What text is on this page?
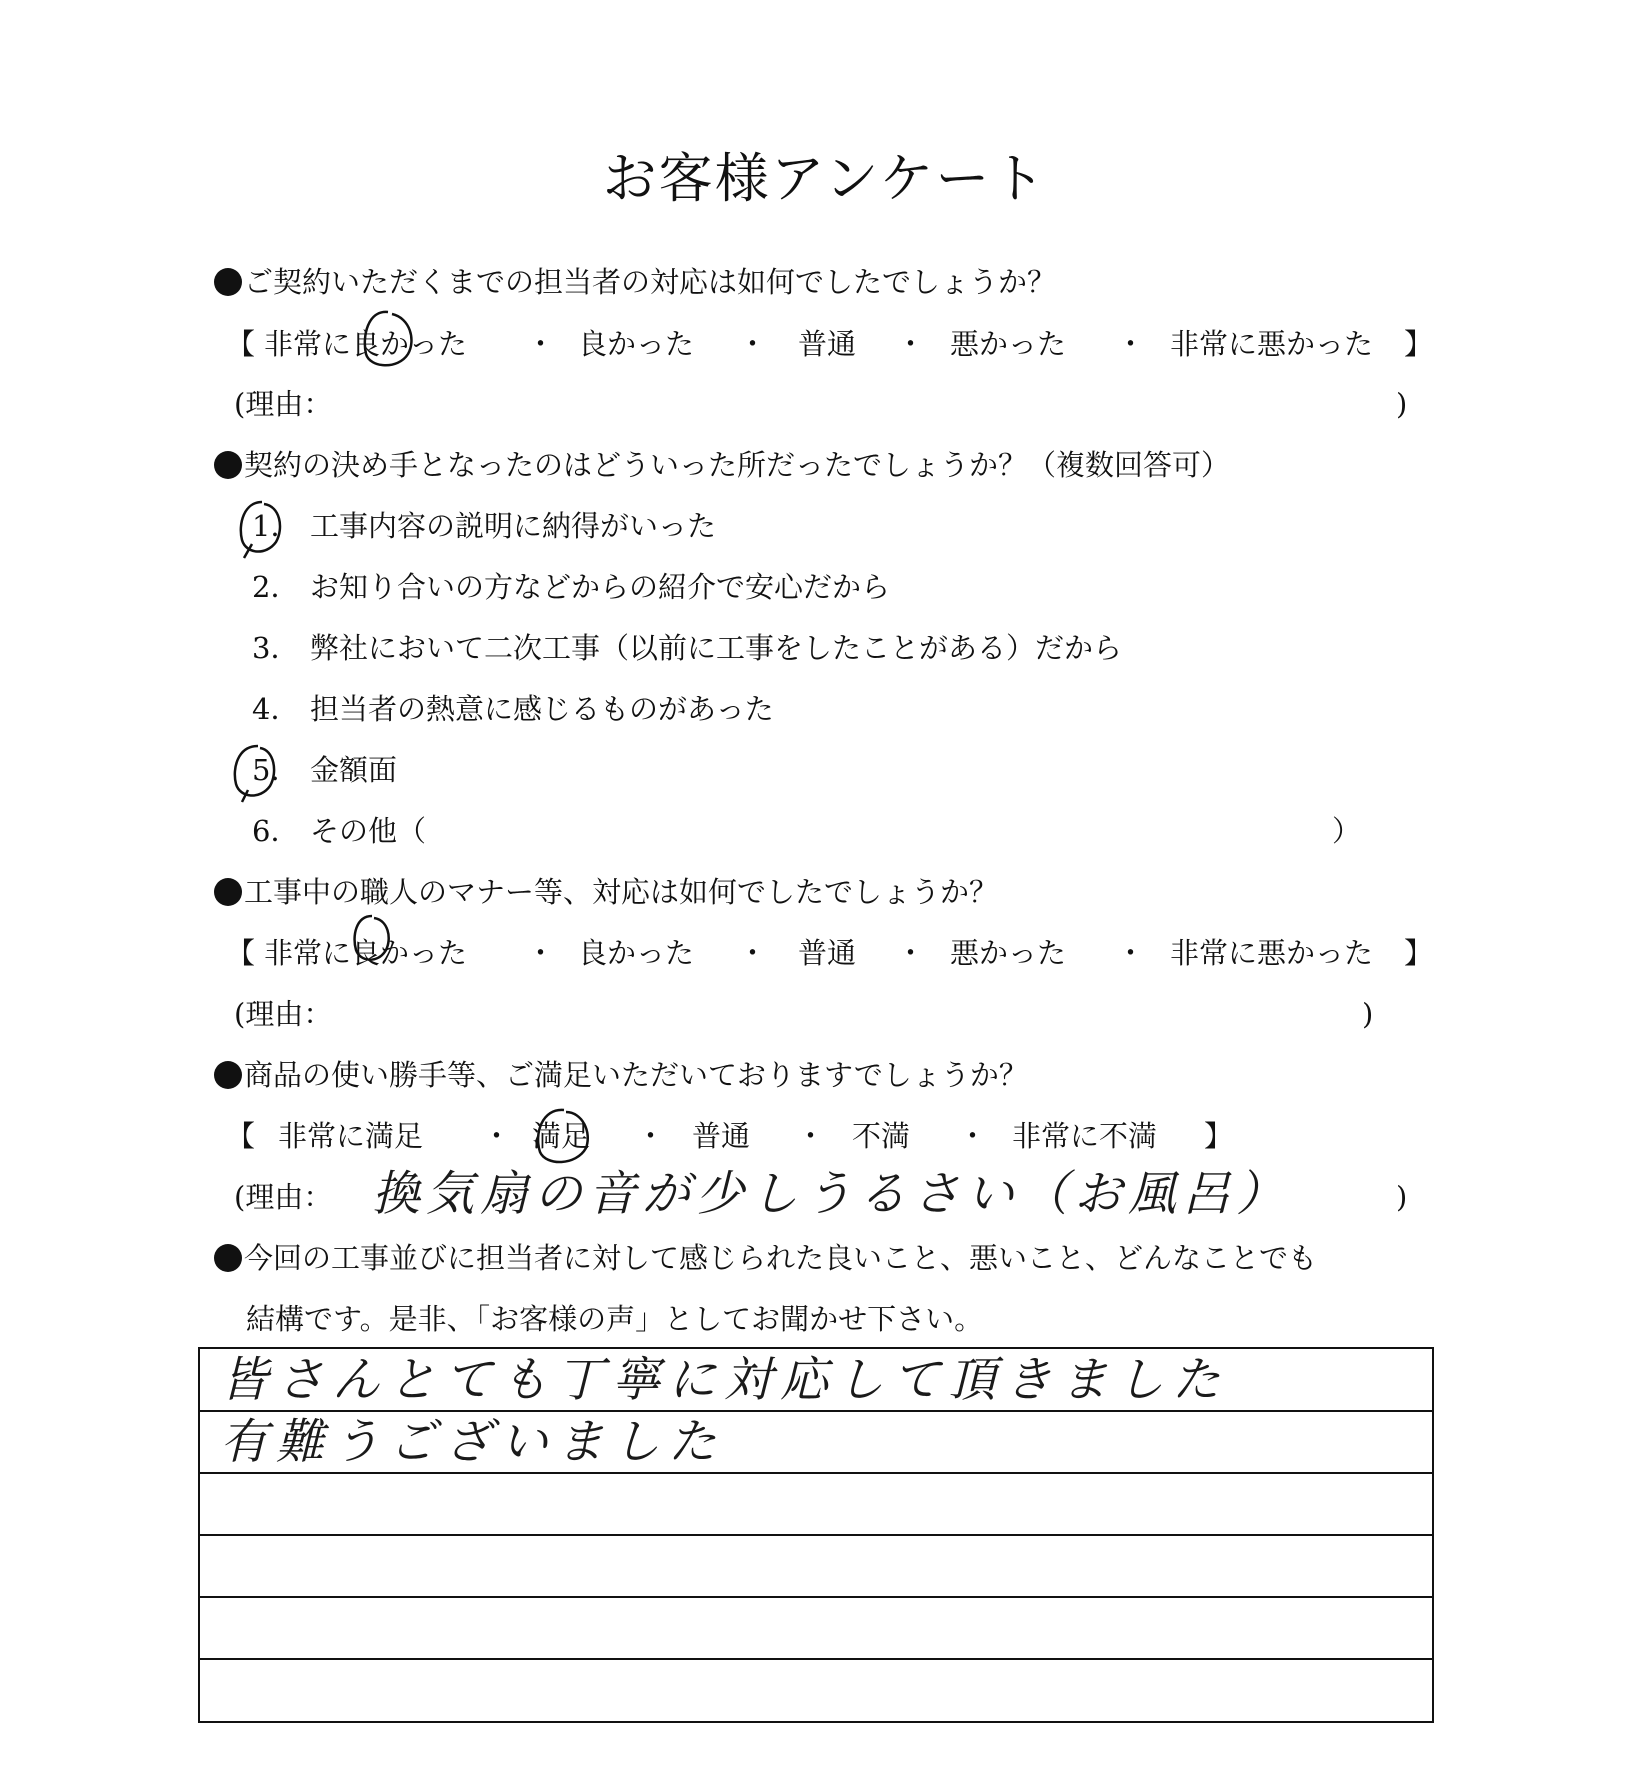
お客様アンケート
ご契約いただくまでの担当者の対応は如何でしたでしょうか？
【 非常に良かった ・ 良かった ・ 普通 ・ 悪かった ・ 非常に悪かった 】
(理由：	)
契約の決め手となったのはどういった所だったでしょうか？（複数回答可）
1． 工事内容の説明に納得がいった
2． お知り合いの方などからの紹介で安心だから
3． 弊社において二次工事（以前に工事をしたことがある）だから
4． 担当者の熱意に感じるものがあった
5． 金額面
6． その他（	）
工事中の職人のマナー等、対応は如何でしたでしょうか？
【 非常に良かった ・ 良かった ・ 普通 ・ 悪かった ・ 非常に悪かった 】
(理由：	)
商品の使い勝手等、ご満足いただいておりますでしょうか？
【 非常に満足 ・ 満足 ・ 普通 ・ 不満 ・ 非常に不満 】
(理由： 換気扇の音が少しうるさい（お風呂）	)
今回の工事並びに担当者に対して感じられた良いこと、悪いこと、どんなことでも
結構です。是非、「お客様の声」としてお聞かせ下さい。
皆さんとても丁寧に対応して頂きました
有難うございました
